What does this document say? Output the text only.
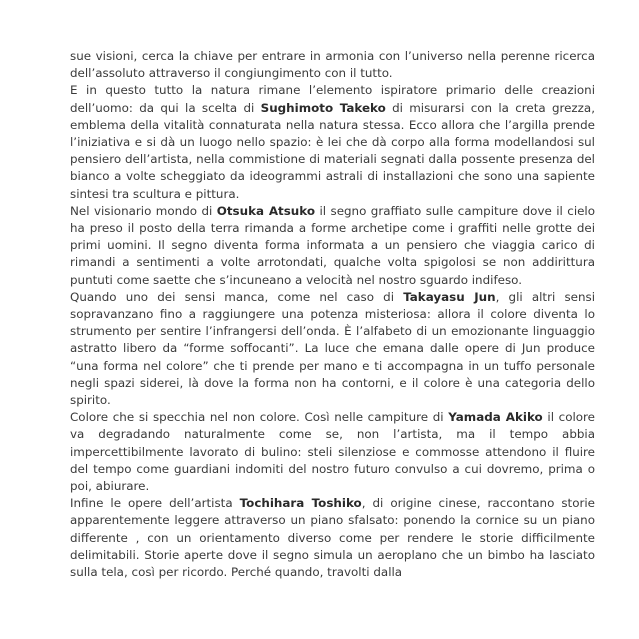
sue visioni, cerca la chiave per entrare in armonia con l’universo nella perenne ricerca dell’assoluto attraverso il congiungimento con il tutto.

E in questo tutto la natura rimane l’elemento ispiratore primario delle creazioni dell’uomo: da qui la scelta di Sughimoto Takeko di misurarsi con la creta grezza, emblema della vitalità connaturata nella natura stessa. Ecco allora che l’argilla prende l’iniziativa e si dà un luogo nello spazio: è lei che dà corpo alla forma modellandosi sul pensiero dell’artista, nella commistione di materiali segnati dalla possente presenza del bianco a volte scheggiato da ideogrammi astrali di installazioni che sono una sapiente sintesi tra scultura e pittura.

Nel visionario mondo di Otsuka Atsuko il segno graffiato sulle campiture dove il cielo ha preso il posto della terra rimanda a forme archetipe come i graffiti nelle grotte dei primi uomini. Il segno diventa forma informata a un pensiero che viaggia carico di rimandi a sentimenti a volte arrotondati, qualche volta spigolosi se non addirittura puntuti come saette che s’incuneano a velocità nel nostro sguardo indifeso.

Quando uno dei sensi manca, come nel caso di Takayasu Jun, gli altri sensi sopravanzano fino a raggiungere una potenza misteriosa: allora il colore diventa lo strumento per sentire l’infrangersi dell’onda. È l’alfabeto di un emozionante linguaggio astratto libero da “forme soffocanti”. La luce che emana dalle opere di Jun produce “una forma nel colore” che ti prende per mano e ti accompagna in un tuffo personale negli spazi siderei, là dove la forma non ha contorni, e il colore è una categoria dello spirito.

Colore che si specchia nel non colore. Così nelle campiture di Yamada Akiko il colore va degradando naturalmente come se, non l’artista, ma il tempo abbia impercettibilmente lavorato di bulino: steli silenziose e commosse attendono il fluire del tempo come guardiani indomiti del nostro futuro convulso a cui dovremo, prima o poi, abiurare.

Infine le opere dell’artista Tochihara Toshiko, di origine cinese, raccontano storie apparentemente leggere attraverso un piano sfalsato: ponendo la cornice su un piano differente , con un orientamento diverso come per rendere le storie difficilmente delimitabili. Storie aperte dove il segno simula un aeroplano che un bimbo ha lasciato sulla tela, così per ricordo. Perché quando, travolti dalla
